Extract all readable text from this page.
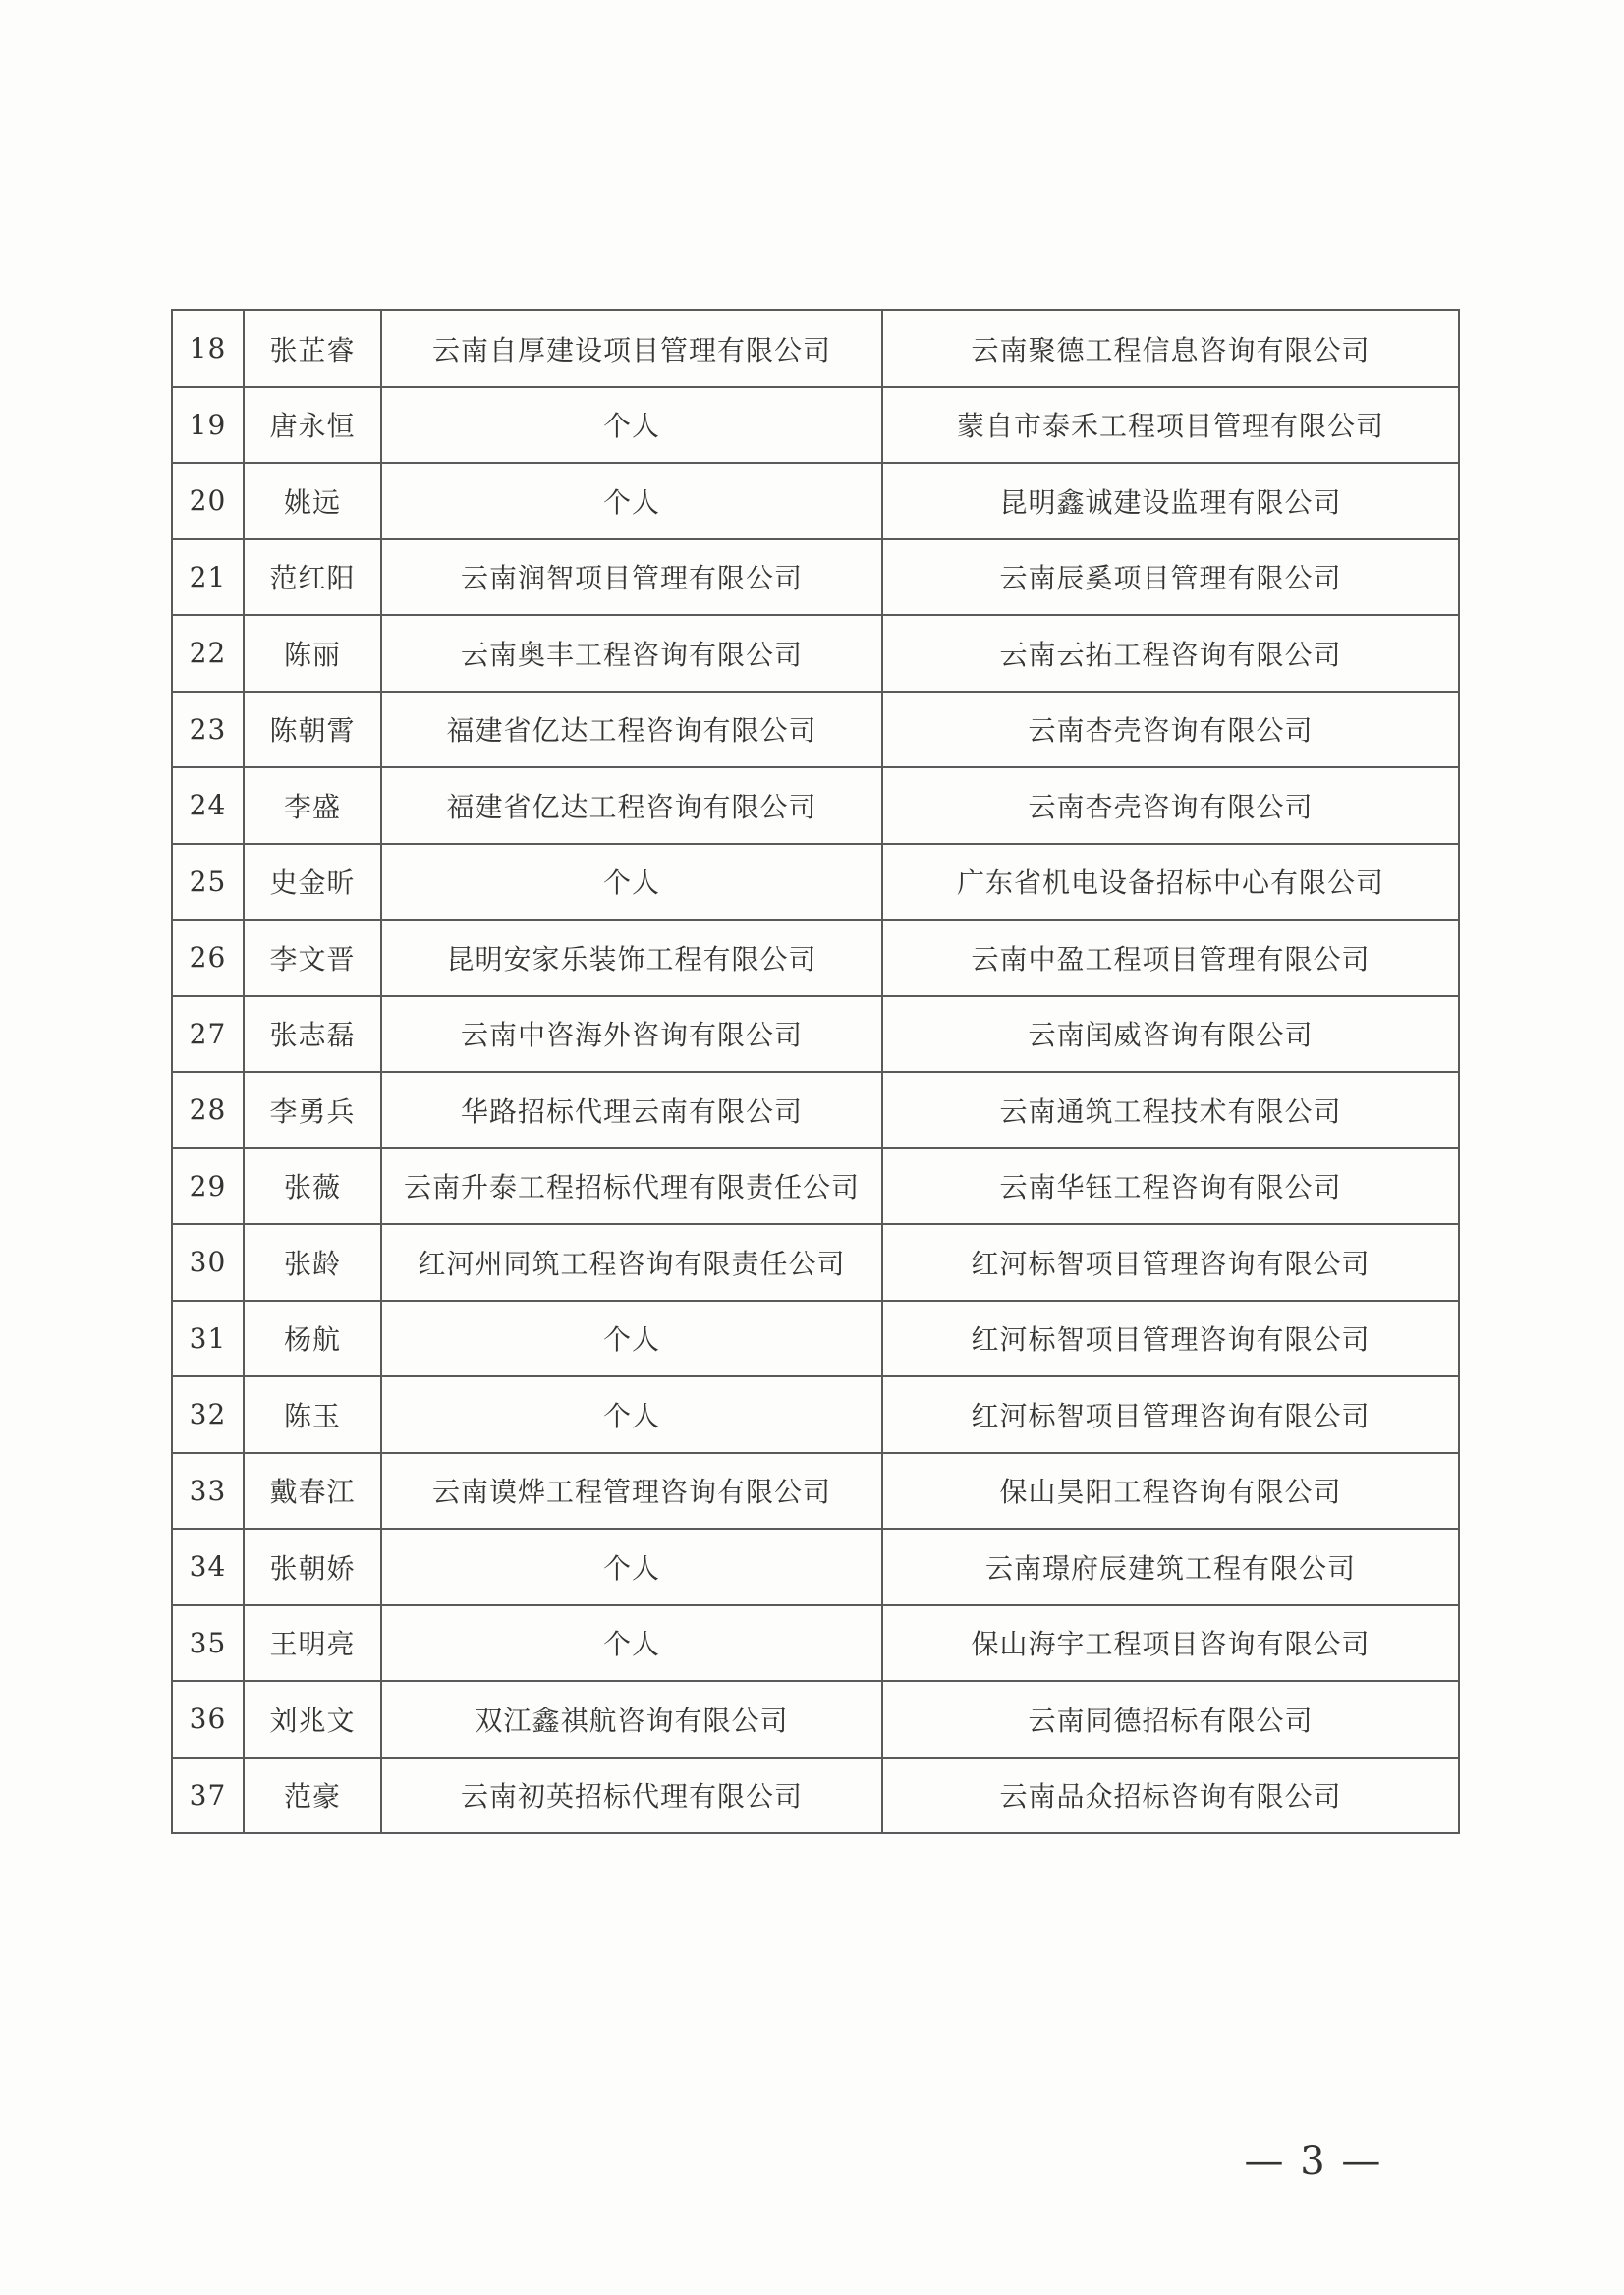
18	张芷睿	云南自厚建设项目管理有限公司	云南聚德工程信息咨询有限公司
19	唐永恒	个人	蒙自市泰禾工程项目管理有限公司
20	姚远	个人	昆明鑫诚建设监理有限公司
21	范红阳	云南润智项目管理有限公司	云南辰奚项目管理有限公司
22	陈丽	云南奥丰工程咨询有限公司	云南云拓工程咨询有限公司
23	陈朝霄	福建省亿达工程咨询有限公司	云南杏壳咨询有限公司
24	李盛	福建省亿达工程咨询有限公司	云南杏壳咨询有限公司
25	史金昕	个人	广东省机电设备招标中心有限公司
26	李文晋	昆明安家乐装饰工程有限公司	云南中盈工程项目管理有限公司
27	张志磊	云南中咨海外咨询有限公司	云南闰威咨询有限公司
28	李勇兵	华路招标代理云南有限公司	云南通筑工程技术有限公司
29	张薇	云南升泰工程招标代理有限责任公司	云南华钰工程咨询有限公司
30	张龄	红河州同筑工程咨询有限责任公司	红河标智项目管理咨询有限公司
31	杨航	个人	红河标智项目管理咨询有限公司
32	陈玉	个人	红河标智项目管理咨询有限公司
33	戴春江	云南谟烨工程管理咨询有限公司	保山昊阳工程咨询有限公司
34	张朝娇	个人	云南璟府辰建筑工程有限公司
35	王明亮	个人	保山海宇工程项目咨询有限公司
36	刘兆文	双江鑫祺航咨询有限公司	云南同德招标有限公司
37	范豪	云南初英招标代理有限公司	云南品众招标咨询有限公司
— 3 —
